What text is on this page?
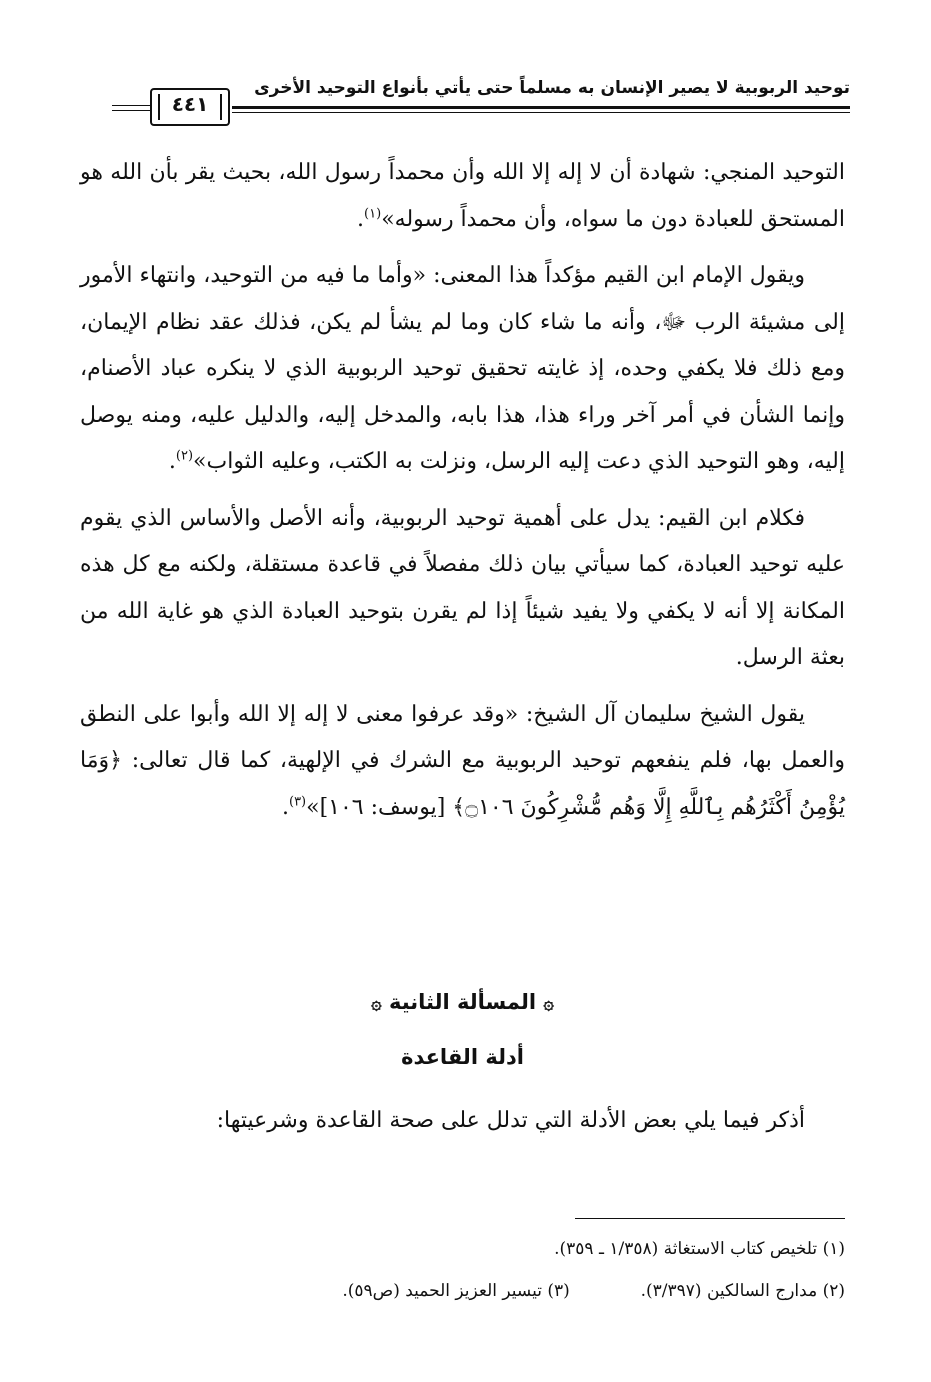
توحيد الربوبية لا يصير الإنسان به مسلماً حتى يأتي بأنواع التوحيد الأخرى
٤٤١

التوحيد المنجي: شهادة أن لا إله إلا الله وأن محمداً رسول الله، بحيث يقر بأن الله هو المستحق للعبادة دون ما سواه، وأن محمداً رسوله»$^{(١)}$.

ويقول الإمام ابن القيم مؤكداً هذا المعنى: «وأما ما فيه من التوحيد، وانتهاء الأمور إلى مشيئة الرب ﷻ، وأنه ما شاء كان وما لم يشأ لم يكن، فذلك عقد نظام الإيمان، ومع ذلك فلا يكفي وحده، إذ غايته تحقيق توحيد الربوبية الذي لا ينكره عباد الأصنام، وإنما الشأن في أمر آخر وراء هذا، هذا بابه، والمدخل إليه، والدليل عليه، ومنه يوصل إليه، وهو التوحيد الذي دعت إليه الرسل، ونزلت به الكتب، وعليه الثواب»$^{(٢)}$.

فكلام ابن القيم: يدل على أهمية توحيد الربوبية، وأنه الأصل والأساس الذي يقوم عليه توحيد العبادة، كما سيأتي بيان ذلك مفصلاً في قاعدة مستقلة، ولكنه مع كل هذه المكانة إلا أنه لا يكفي ولا يفيد شيئاً إذا لم يقرن بتوحيد العبادة الذي هو غاية الله من بعثة الرسل.

يقول الشيخ سليمان آل الشيخ: «وقد عرفوا معنى لا إله إلا الله وأبوا على النطق والعمل بها، فلم ينفعهم توحيد الربوبية مع الشرك في الإلهية، كما قال تعالى: ﴿وَمَا يُؤْمِنُ أَكْثَرُهُم بِٱللَّهِ إِلَّا وَهُم مُّشْرِكُونَ ۝١٠٦﴾ [يوسف: ١٠٦]»$^{(٣)}$.

۞ المسألة الثانية ۞
أدلة القاعدة

أذكر فيما يلي بعض الأدلة التي تدلل على صحة القاعدة وشرعيتها:

(١) تلخيص كتاب الاستغاثة (١/٣٥٨ ـ ٣٥٩).
(٢) مدارج السالكين (٣/٣٩٧).  (٣) تيسير العزيز الحميد (ص٥٩).
